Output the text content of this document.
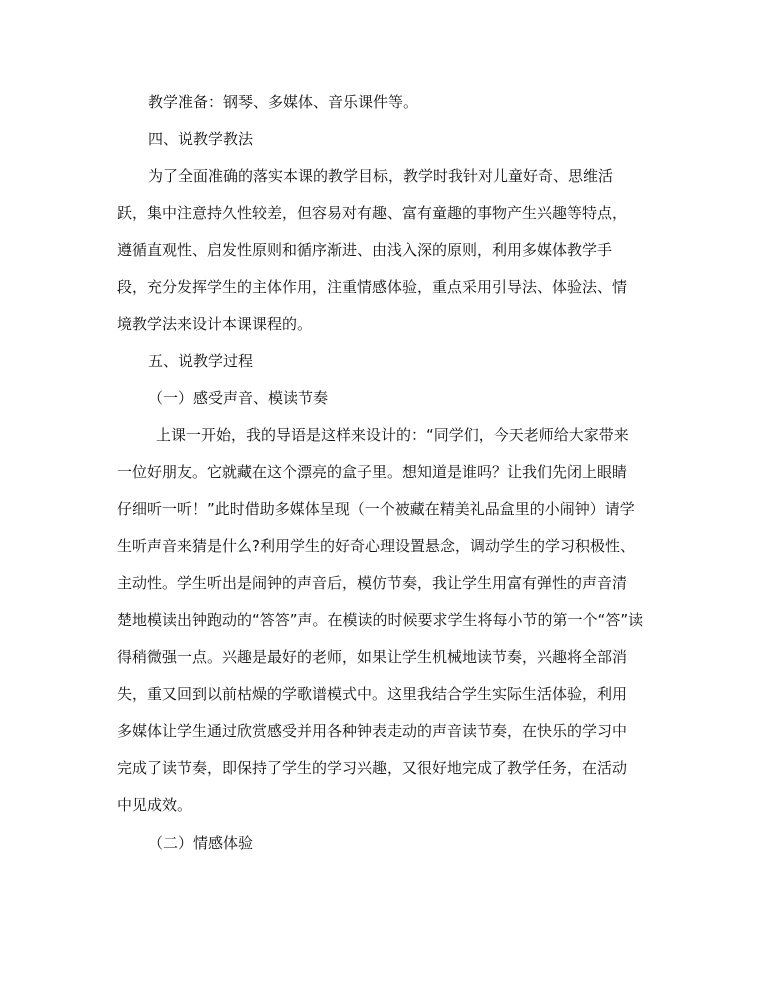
教学准备：钢琴、多媒体、音乐课件等。

四、说教学教法

为了全面准确的落实本课的教学目标，教学时我针对儿童好奇、思维活

跃，集中注意持久性较差，但容易对有趣、富有童趣的事物产生兴趣等特点，

遵循直观性、启发性原则和循序渐进、由浅入深的原则，利用多媒体教学手

段，充分发挥学生的主体作用，注重情感体验，重点采用引导法、体验法、情

境教学法来设计本课课程的。

五、说教学过程

（一）感受声音、模读节奏

上课一开始，我的导语是这样来设计的：“同学们，今天老师给大家带来

一位好朋友。它就藏在这个漂亮的盒子里。想知道是谁吗？让我们先闭上眼睛

仔细听一听！”此时借助多媒体呈现（一个被藏在精美礼品盒里的小闹钟）请学

生听声音来猜是什么?利用学生的好奇心理设置悬念，调动学生的学习积极性、

主动性。学生听出是闹钟的声音后，模仿节奏，我让学生用富有弹性的声音清

楚地模读出钟跑动的“答答”声。在模读的时候要求学生将每小节的第一个“答”读

得稍微强一点。兴趣是最好的老师，如果让学生机械地读节奏，兴趣将全部消

失，重又回到以前枯燥的学歌谱模式中。这里我结合学生实际生活体验，利用

多媒体让学生通过欣赏感受并用各种钟表走动的声音读节奏，在快乐的学习中

完成了读节奏，即保持了学生的学习兴趣，又很好地完成了教学任务，在活动

中见成效。

（二）情感体验
